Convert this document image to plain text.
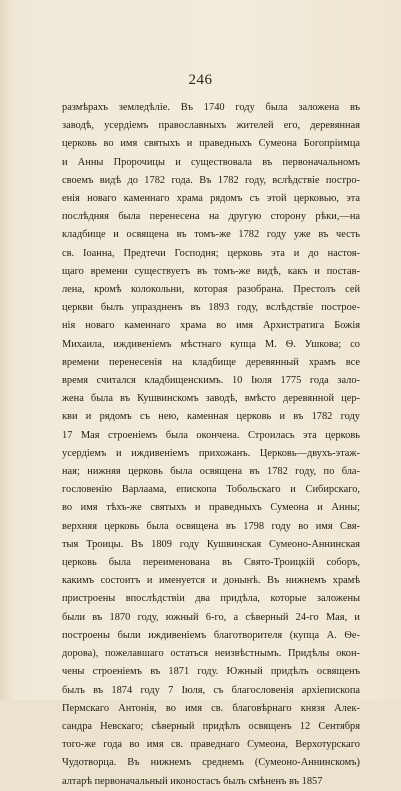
246
размѣрахъ земледѣліе. Въ 1740 году была заложена въ
заводѣ, усердіемъ православныхъ жителей его, деревянная
церковь во имя святыхъ и праведныхъ Сумеона Богопріимца
и Анны Пророчицы и существовала въ первоначальномъ
своемъ видѣ до 1782 года. Въ 1782 году, вслѣдствіе постро-
енія новаго каменнаго храма рядомъ съ этой церковью, эта
послѣдняя была перенесена на другую сторону рѣки,—на
кладбище и освящена въ томъ-же 1782 году уже въ честь
св. Іоанна, Предтечи Господня; церковь эта и до настоя-
щаго времени существуетъ въ томъ-же видѣ, какъ и постав-
лена, кромѣ колокольни, которая разобрана. Престолъ сей
церкви былъ упраздненъ въ 1893 году, вслѣдствіе построе-
нія новаго каменнаго храма во имя Архистратига Божія
Михаила, иждивеніемъ мѣстнаго купца М. Ѳ. Ушкова; со
времени перенесенія на кладбище деревянный храмъ все
время считался кладбищенскимъ. 10 Іюля 1775 года зало-
жена была въ Кушвинскомъ заводѣ, вмѣсто деревянной цер-
кви и рядомъ съ нею, каменная церковь и въ 1782 году
17 Мая строеніемъ была окончена. Строилась эта церковь
усердіемъ и иждивеніемъ прихожанъ. Церковь—двухъ-этаж-
ная; нижняя церковь была освящена въ 1782 году, по бла-
гословенію Варлаама, епископа Тобольскаго и Сибирскаго,
во имя тѣхъ-же святыхъ и праведныхъ Сумеона и Анны;
верхняя церковь была освящена въ 1798 году во имя Свя-
тыя Троицы. Въ 1809 году Кушвинская Сумеоно-Аннинская
церковь была переименована въ Свято-Троицкій соборъ,
какимъ состоитъ и именуется и донынѣ. Въ нижнемъ храмѣ
пристроены впослѣдствіи два придѣла, которые заложены
были въ 1870 году, южный 6-го, а сѣверный 24-го Мая, и
построены были иждивеніемъ благотворителя (купца А. Ѳе-
дорова), пожелавшаго остаться неизвѣстнымъ. Придѣлы окон-
чены строеніемъ въ 1871 году. Южный придѣлъ освященъ
былъ въ 1874 году 7 Іюля, съ благословенія архіепископа
Пермскаго Антонія, во имя св. благовѣрнаго князя Алек-
сандра Невскаго; сѣверный придѣлъ освященъ 12 Сентября
того-же года во имя св. праведнаго Сумеона, Верхотурскаго
Чудотворца. Въ нижнемъ среднемъ (Сумеоно-Аннинскомъ)
алтарѣ первоначальный иконостасъ былъ смѣненъ въ 1857
